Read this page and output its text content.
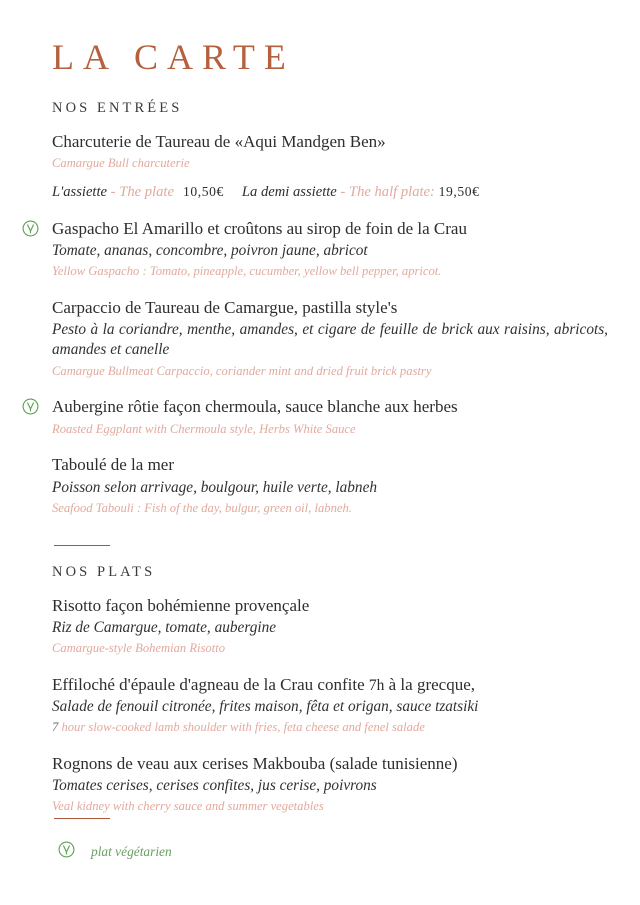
LA CARTE
NOS ENTRÉES
Charcuterie de Taureau de «Aqui Mandgen Ben»
Camargue Bull charcuterie
L'assiette - The plate 10,50€ La demi assiette - The half plate: 19,50€
Gaspacho El Amarillo et croûtons au sirop de foin de la Crau
Tomate, ananas, concombre, poivron jaune, abricot
Yellow Gaspacho : Tomato, pineapple, cucumber, yellow bell pepper, apricot.
Carpaccio de Taureau de Camargue, pastilla style's
Pesto à la coriandre, menthe, amandes, et cigare de feuille de brick aux raisins, abricots, amandes et canelle
Camargue Bullmeat Carpaccio, coriander mint and dried fruit brick pastry
Aubergine rôtie façon chermoula, sauce blanche aux herbes
Roasted Eggplant with Chermoula style, Herbs White Sauce
Taboulé de la mer
Poisson selon arrivage, boulgour, huile verte, labneh
Seafood Tabouli : Fish of the day, bulgur, green oil, labneh.
NOS PLATS
Risotto façon bohémienne provençale
Riz de Camargue, tomate, aubergine
Camargue-style Bohemian Risotto
Effiloché d'épaule d'agneau de la Crau confite 7h à la grecque,
Salade de fenouil citronée, frites maison, fêta et origan, sauce tzatsiki
7 hour slow-cooked lamb shoulder with fries, feta cheese and fenel salade
Rognons de veau aux cerises Makbouba (salade tunisienne)
Tomates cerises, cerises confites, jus cerise, poivrons
Veal kidney with cherry sauce and summer vegetables
plat végétarien
